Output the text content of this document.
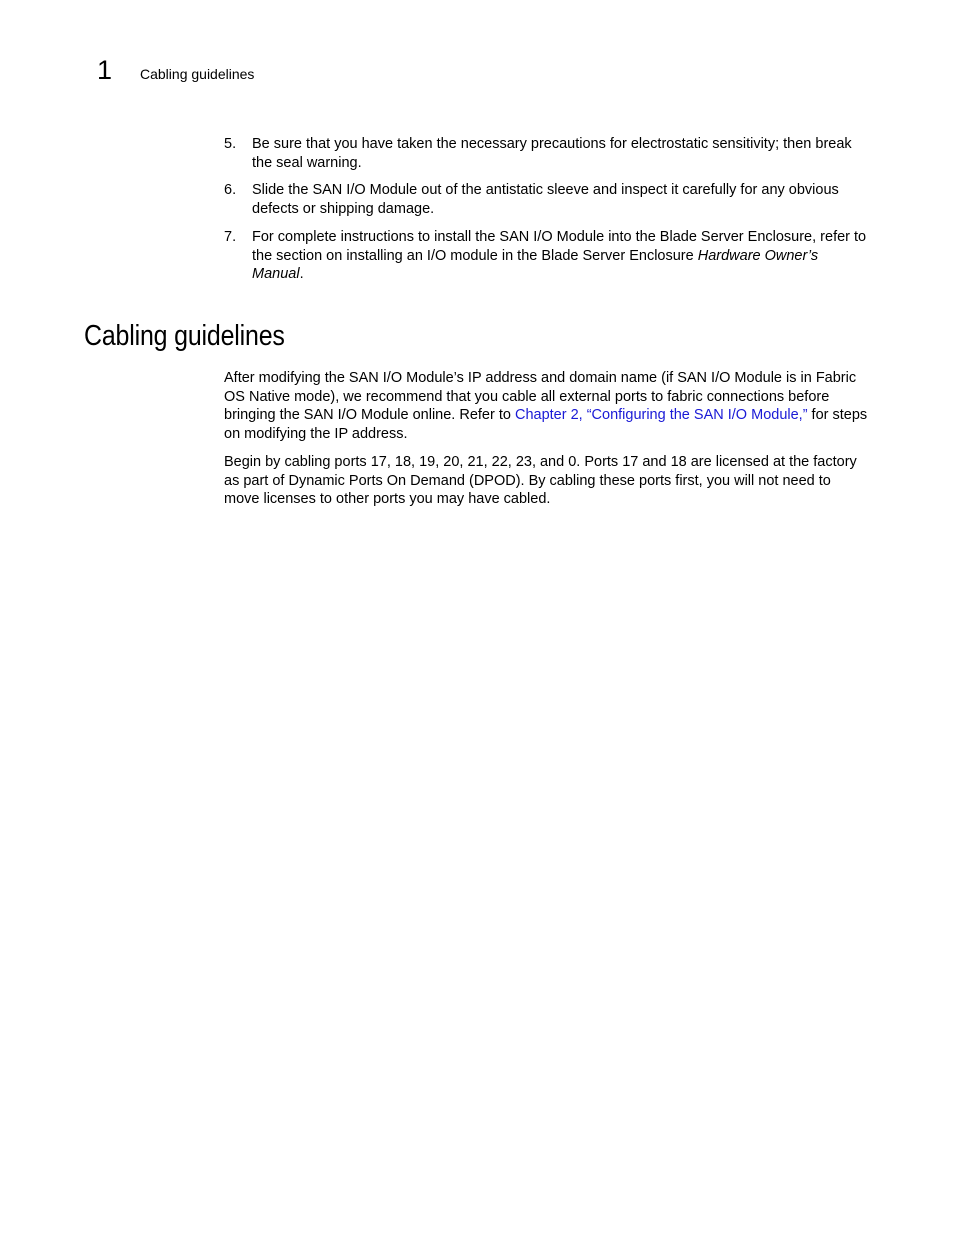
1 Cabling guidelines
5. Be sure that you have taken the necessary precautions for electrostatic sensitivity; then break the seal warning.
6. Slide the SAN I/O Module out of the antistatic sleeve and inspect it carefully for any obvious defects or shipping damage.
7. For complete instructions to install the SAN I/O Module into the Blade Server Enclosure, refer to the section on installing an I/O module in the Blade Server Enclosure Hardware Owner’s Manual.
Cabling guidelines

After modifying the SAN I/O Module’s IP address and domain name (if SAN I/O Module is in Fabric OS Native mode), we recommend that you cable all external ports to fabric connections before bringing the SAN I/O Module online. Refer to Chapter 2, “Configuring the SAN I/O Module,” for steps on modifying the IP address.

Begin by cabling ports 17, 18, 19, 20, 21, 22, 23, and 0. Ports 17 and 18 are licensed at the factory as part of Dynamic Ports On Demand (DPOD). By cabling these ports first, you will not need to move licenses to other ports you may have cabled.
